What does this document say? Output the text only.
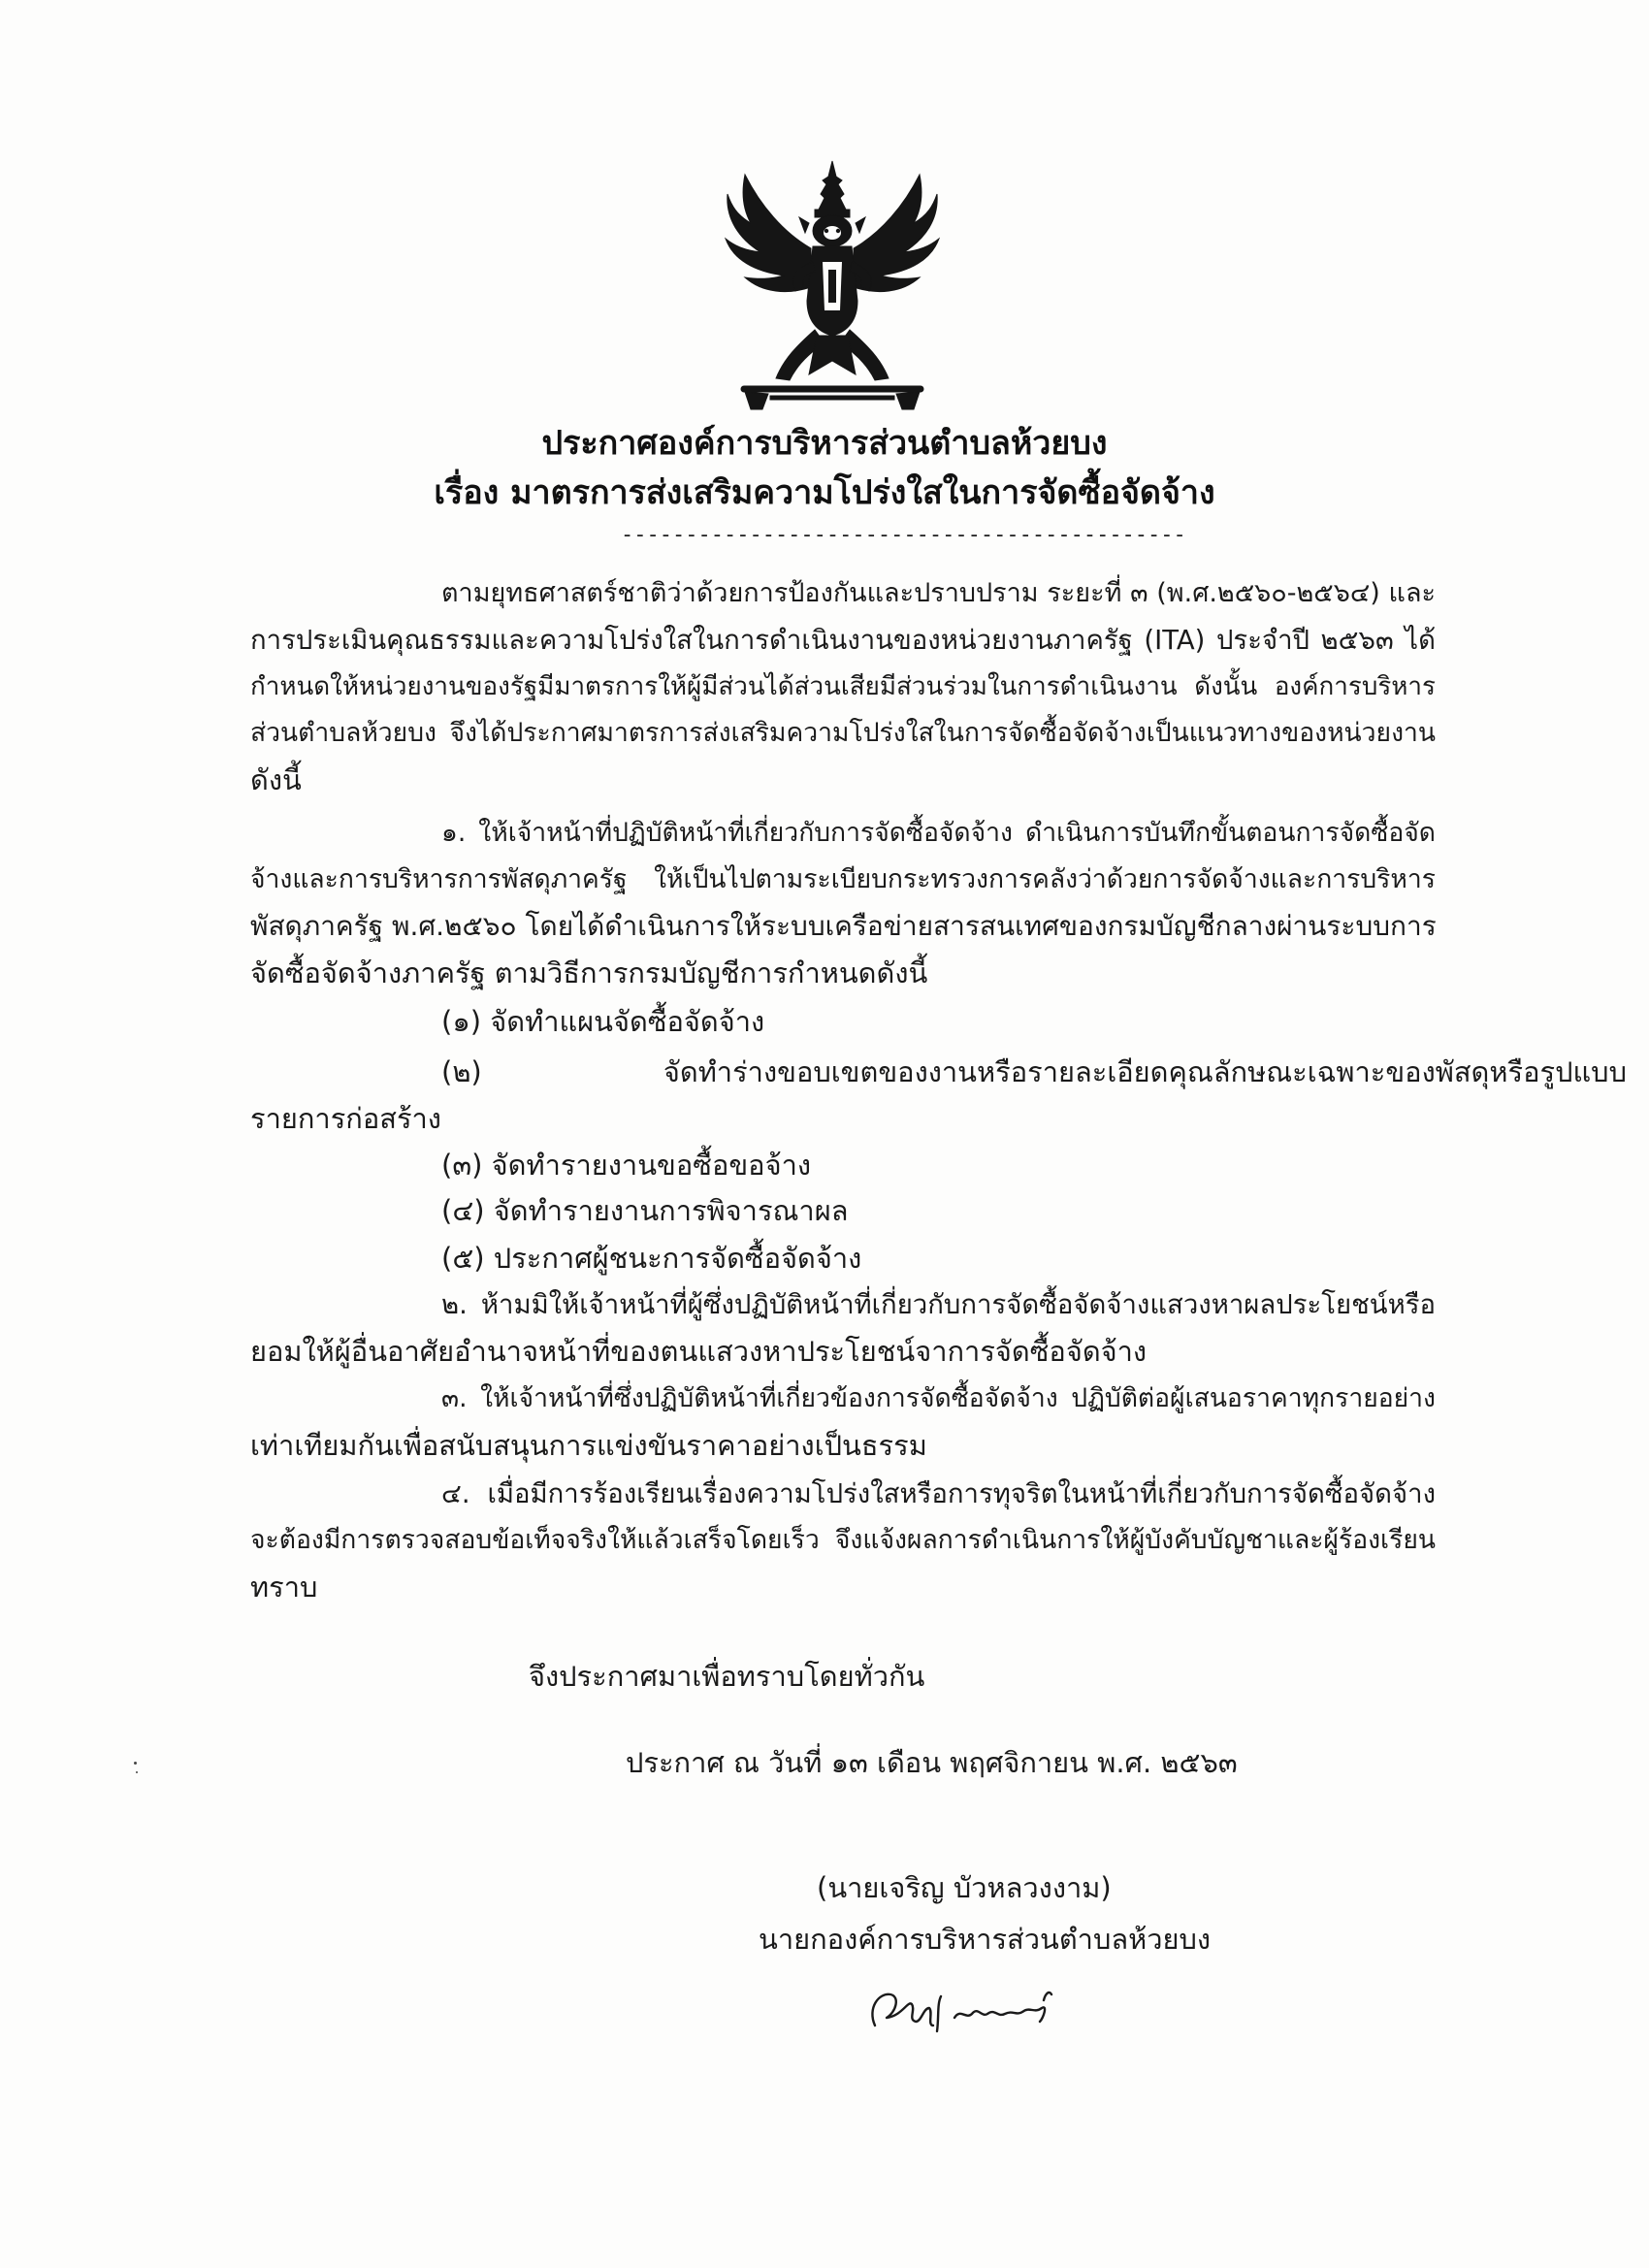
ประกาศองค์การบริหารส่วนตำบลห้วยบง
เรื่อง มาตรการส่งเสริมความโปร่งใสในการจัดซื้อจัดจ้าง
--------------------------------------------
ตามยุทธศาสตร์ชาติว่าด้วยการป้องกันและปราบปราม ระยะที่ ๓ (พ.ศ.๒๕๖๐-๒๕๖๔) และ
การประเมินคุณธรรมและความโปร่งใสในการดำเนินงานของหน่วยงานภาครัฐ (ITA) ประจำปี ๒๕๖๓ ได้
กำหนดให้หน่วยงานของรัฐมีมาตรการให้ผู้มีส่วนได้ส่วนเสียมีส่วนร่วมในการดำเนินงาน ดังนั้น องค์การบริหาร
ส่วนตำบลห้วยบง จึงได้ประกาศมาตรการส่งเสริมความโปร่งใสในการจัดซื้อจัดจ้างเป็นแนวทางของหน่วยงาน
ดังนี้
๑. ให้เจ้าหน้าที่ปฏิบัติหน้าที่เกี่ยวกับการจัดซื้อจัดจ้าง ดำเนินการบันทึกขั้นตอนการจัดซื้อจัด
จ้างและการบริหารการพัสดุภาครัฐ ให้เป็นไปตามระเบียบกระทรวงการคลังว่าด้วยการจัดจ้างและการบริหาร
พัสดุภาครัฐ พ.ศ.๒๕๖๐ โดยได้ดำเนินการให้ระบบเครือข่ายสารสนเทศของกรมบัญชีกลางผ่านระบบการ
จัดซื้อจัดจ้างภาครัฐ ตามวิธีการกรมบัญชีการกำหนดดังนี้
(๑) จัดทำแผนจัดซื้อจัดจ้าง
(๒) จัดทำร่างขอบเขตของงานหรือรายละเอียดคุณลักษณะเฉพาะของพัสดุหรือรูปแบบ
รายการก่อสร้าง
(๓) จัดทำรายงานขอซื้อขอจ้าง
(๔) จัดทำรายงานการพิจารณาผล
(๕) ประกาศผู้ชนะการจัดซื้อจัดจ้าง
๒. ห้ามมิให้เจ้าหน้าที่ผู้ซึ่งปฏิบัติหน้าที่เกี่ยวกับการจัดซื้อจัดจ้างแสวงหาผลประโยชน์หรือ
ยอมให้ผู้อื่นอาศัยอำนาจหน้าที่ของตนแสวงหาประโยชน์จาการจัดซื้อจัดจ้าง
๓. ให้เจ้าหน้าที่ซึ่งปฏิบัติหน้าที่เกี่ยวข้องการจัดซื้อจัดจ้าง ปฏิบัติต่อผู้เสนอราคาทุกรายอย่าง
เท่าเทียมกันเพื่อสนับสนุนการแข่งขันราคาอย่างเป็นธรรม
๔. เมื่อมีการร้องเรียนเรื่องความโปร่งใสหรือการทุจริตในหน้าที่เกี่ยวกับการจัดซื้อจัดจ้าง
จะต้องมีการตรวจสอบข้อเท็จจริงให้แล้วเสร็จโดยเร็ว จึงแจ้งผลการดำเนินการให้ผู้บังคับบัญชาและผู้ร้องเรียน
ทราบ
จึงประกาศมาเพื่อทราบโดยทั่วกัน
ประกาศ ณ วันที่ ๑๓ เดือน พฤศจิกายน พ.ศ. ๒๕๖๓
(นายเจริญ บัวหลวงงาม)
นายกองค์การบริหารส่วนตำบลห้วยบง
